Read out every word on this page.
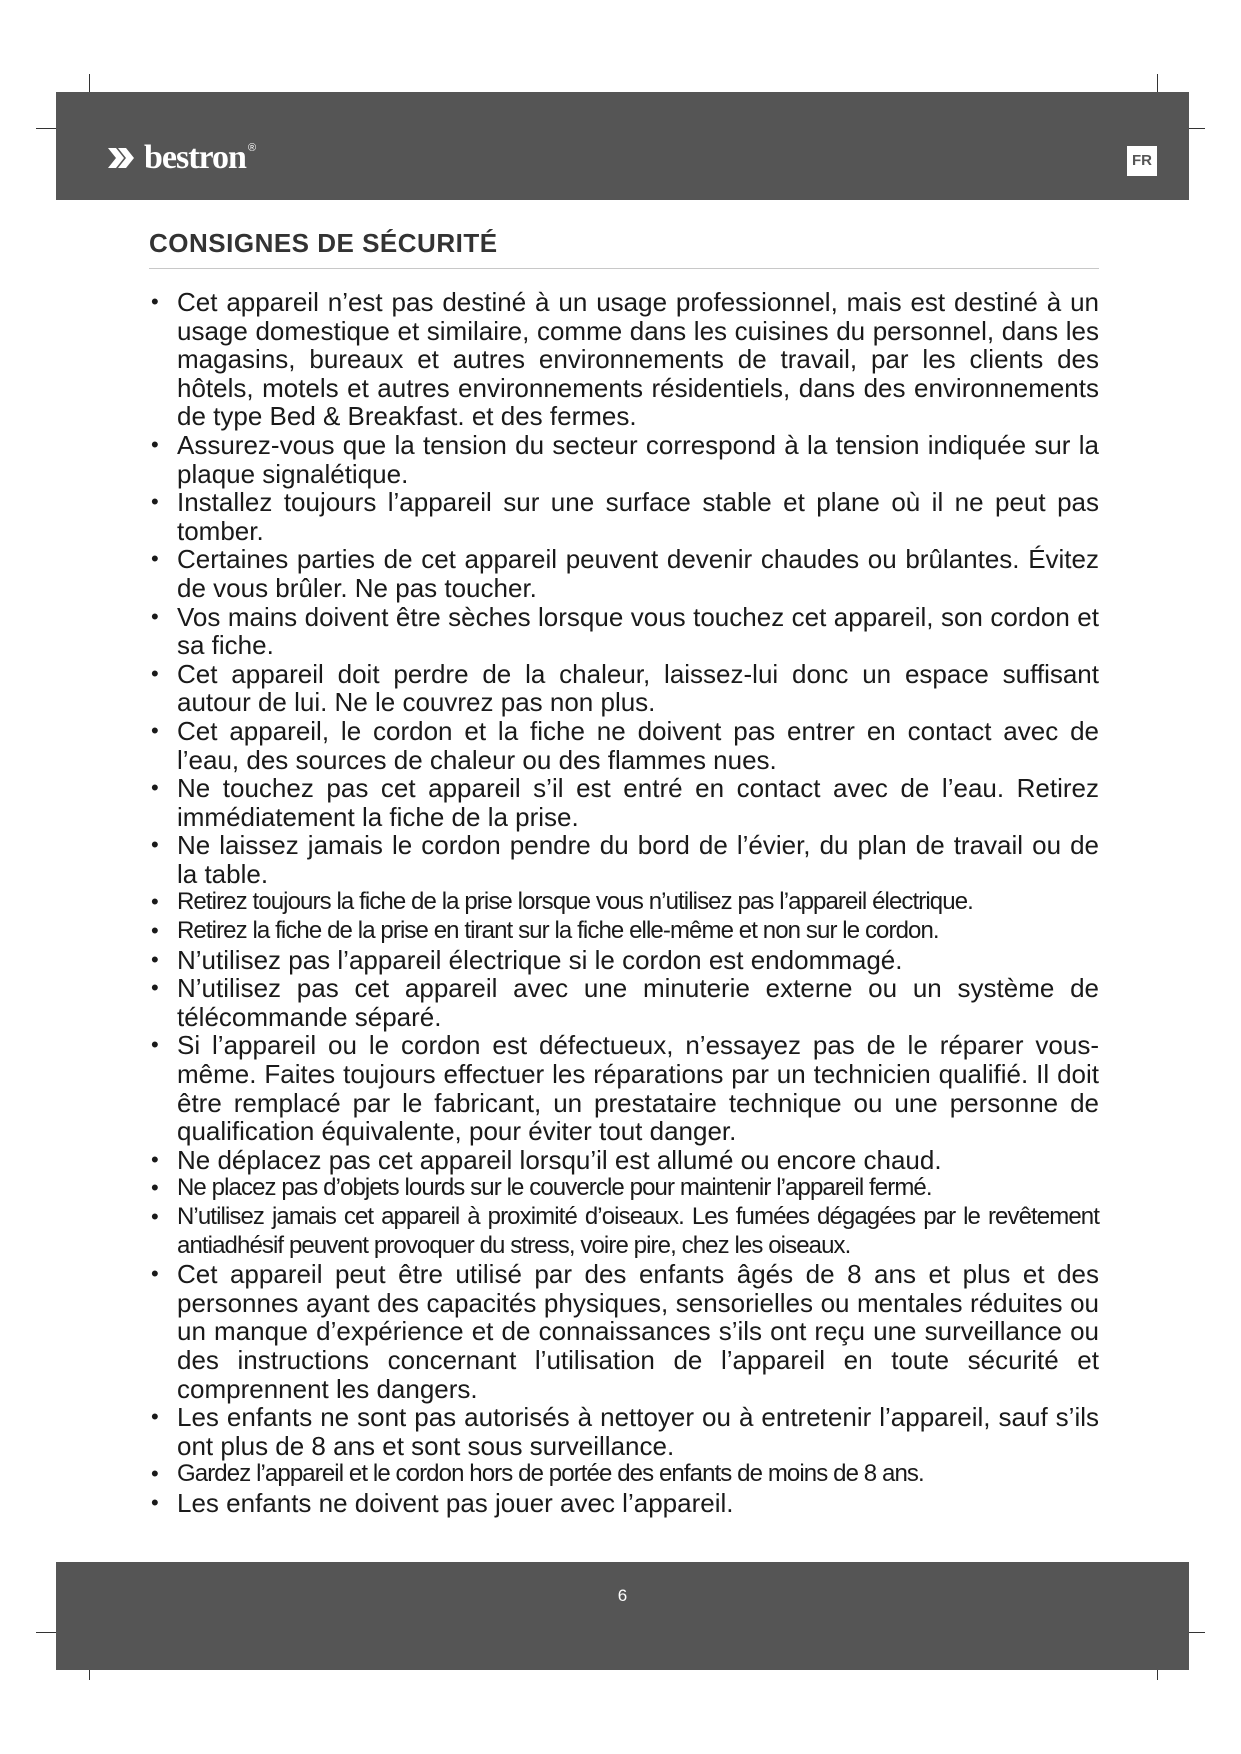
bestron ®
FR
CONSIGNES DE SÉCURITÉ
• Cet appareil n’est pas destiné à un usage professionnel, mais est destiné à un usage domestique et similaire, comme dans les cuisines du personnel, dans les magasins, bureaux et autres environnements de travail, par les clients des hôtels, motels et autres environnements résidentiels, dans des environnements de type Bed & Breakfast. et des fermes.
• Assurez-vous que la tension du secteur correspond à la tension indiquée sur la plaque signalétique.
• Installez toujours l’appareil sur une surface stable et plane où il ne peut pas tomber.
• Certaines parties de cet appareil peuvent devenir chaudes ou brûlantes. Évitez de vous brûler. Ne pas toucher.
• Vos mains doivent être sèches lorsque vous touchez cet appareil, son cordon et sa fiche.
• Cet appareil doit perdre de la chaleur, laissez-lui donc un espace suffisant autour de lui. Ne le couvrez pas non plus.
• Cet appareil, le cordon et la fiche ne doivent pas entrer en contact avec de l’eau, des sources de chaleur ou des flammes nues.
• Ne touchez pas cet appareil s’il est entré en contact avec de l’eau. Retirez immédiatement la fiche de la prise.
• Ne laissez jamais le cordon pendre du bord de l’évier, du plan de travail ou de la table.
• Retirez toujours la fiche de la prise lorsque vous n’utilisez pas l’appareil électrique.
• Retirez la fiche de la prise en tirant sur la fiche elle-même et non sur le cordon.
• N’utilisez pas l’appareil électrique si le cordon est endommagé.
• N’utilisez pas cet appareil avec une minuterie externe ou un système de télécommande séparé.
• Si l’appareil ou le cordon est défectueux, n’essayez pas de le réparer vous-même. Faites toujours effectuer les réparations par un technicien qualifié. Il doit être remplacé par le fabricant, un prestataire technique ou une personne de qualification équivalente, pour éviter tout danger.
• Ne déplacez pas cet appareil lorsqu’il est allumé ou encore chaud.
• Ne placez pas d’objets lourds sur le couvercle pour maintenir l’appareil fermé.
• N’utilisez jamais cet appareil à proximité d’oiseaux. Les fumées dégagées par le revêtement antiadhésif peuvent provoquer du stress, voire pire, chez les oiseaux.
• Cet appareil peut être utilisé par des enfants âgés de 8 ans et plus et des personnes ayant des capacités physiques, sensorielles ou mentales réduites ou un manque d’expérience et de connaissances s’ils ont reçu une surveillance ou des instructions concernant l’utilisation de l’appareil en toute sécurité et comprennent les dangers.
• Les enfants ne sont pas autorisés à nettoyer ou à entretenir l’appareil, sauf s’ils ont plus de 8 ans et sont sous surveillance.
• Gardez l’appareil et le cordon hors de portée des enfants de moins de 8 ans.
• Les enfants ne doivent pas jouer avec l’appareil.
6
